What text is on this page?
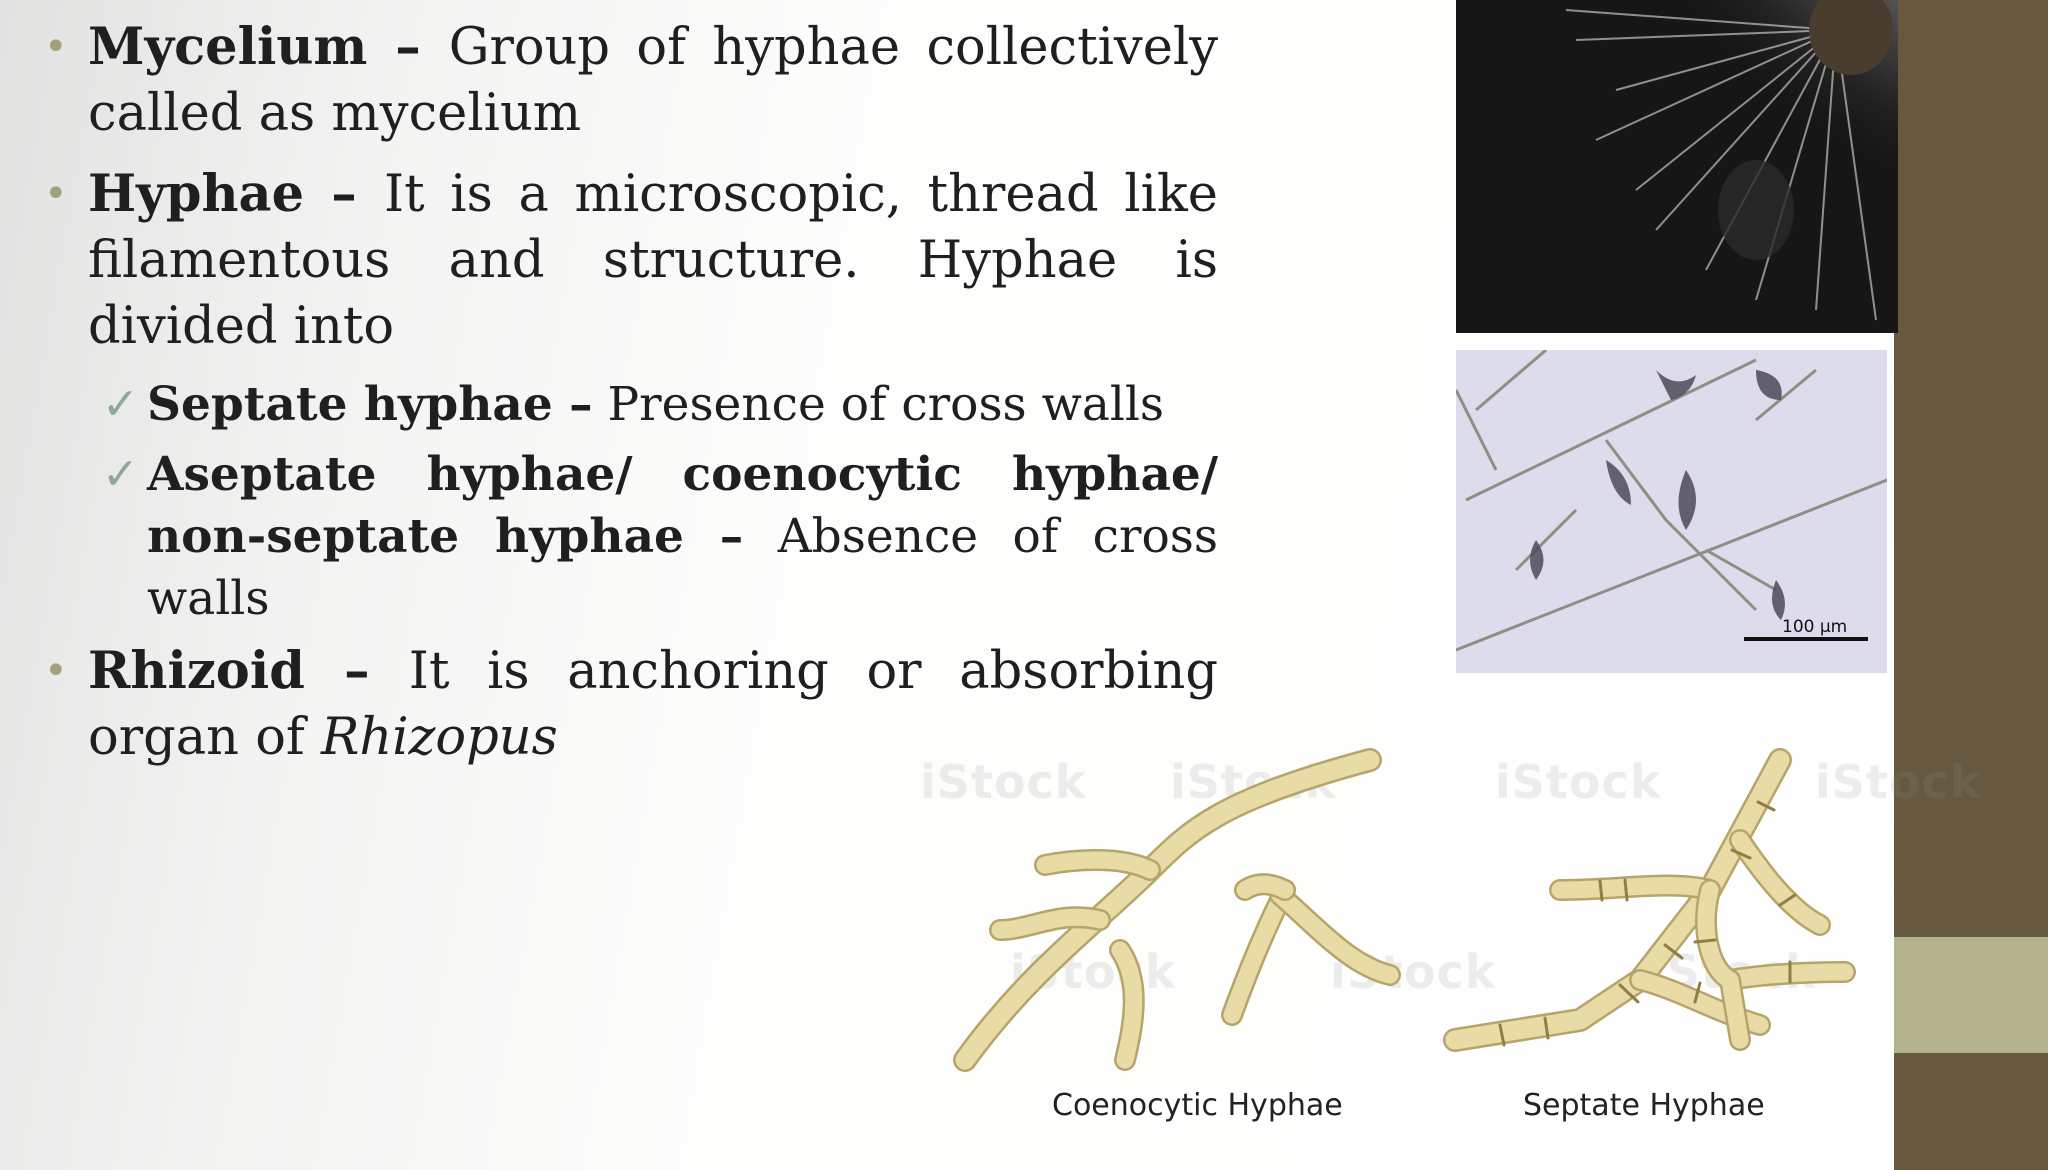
• Mycelium – Group of hyphae collectively called as mycelium

• Hyphae – It is a microscopic, thread like filamentous and structure. Hyphae is divided into

✓ Septate hyphae – Presence of cross walls

✓ Aseptate hyphae/ coenocytic hyphae/ non-septate hyphae – Absence of cross walls

• Rhizoid – It is anchoring or absorbing organ of Rhizopus

100 µm
iStock iStock	iStock	iStock
iStock	iStock	iStock
Coenocytic Hyphae	Septate Hyphae
